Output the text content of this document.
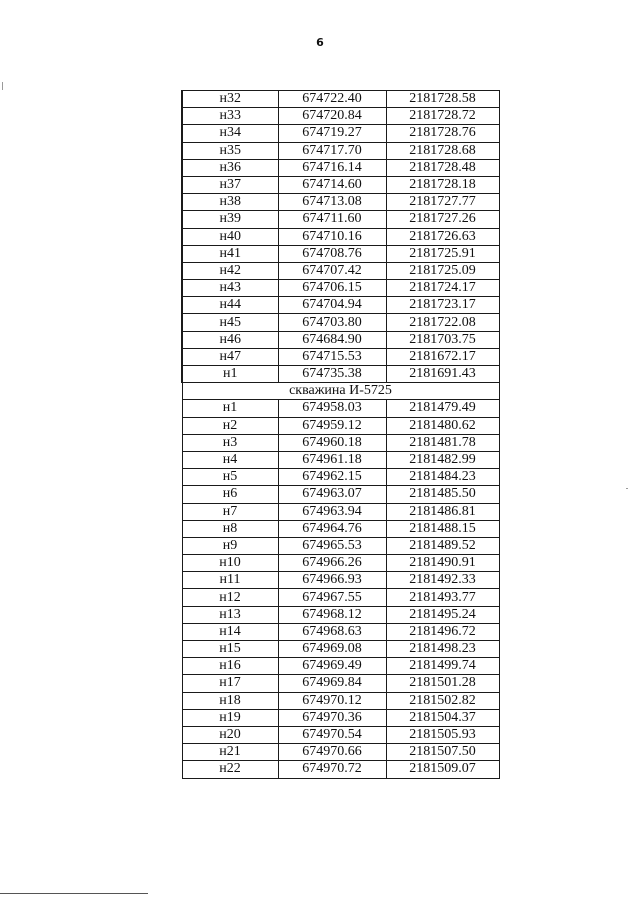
6
н32	674722.40	2181728.58
н33	674720.84	2181728.72
н34	674719.27	2181728.76
н35	674717.70	2181728.68
н36	674716.14	2181728.48
н37	674714.60	2181728.18
н38	674713.08	2181727.77
н39	674711.60	2181727.26
н40	674710.16	2181726.63
н41	674708.76	2181725.91
н42	674707.42	2181725.09
н43	674706.15	2181724.17
н44	674704.94	2181723.17
н45	674703.80	2181722.08
н46	674684.90	2181703.75
н47	674715.53	2181672.17
н1	674735.38	2181691.43
скважина И-5725		
н1	674958.03	2181479.49
н2	674959.12	2181480.62
н3	674960.18	2181481.78
н4	674961.18	2181482.99
н5	674962.15	2181484.23
н6	674963.07	2181485.50
н7	674963.94	2181486.81
н8	674964.76	2181488.15
н9	674965.53	2181489.52
н10	674966.26	2181490.91
н11	674966.93	2181492.33
н12	674967.55	2181493.77
н13	674968.12	2181495.24
н14	674968.63	2181496.72
н15	674969.08	2181498.23
н16	674969.49	2181499.74
н17	674969.84	2181501.28
н18	674970.12	2181502.82
н19	674970.36	2181504.37
н20	674970.54	2181505.93
н21	674970.66	2181507.50
н22	674970.72	2181509.07
